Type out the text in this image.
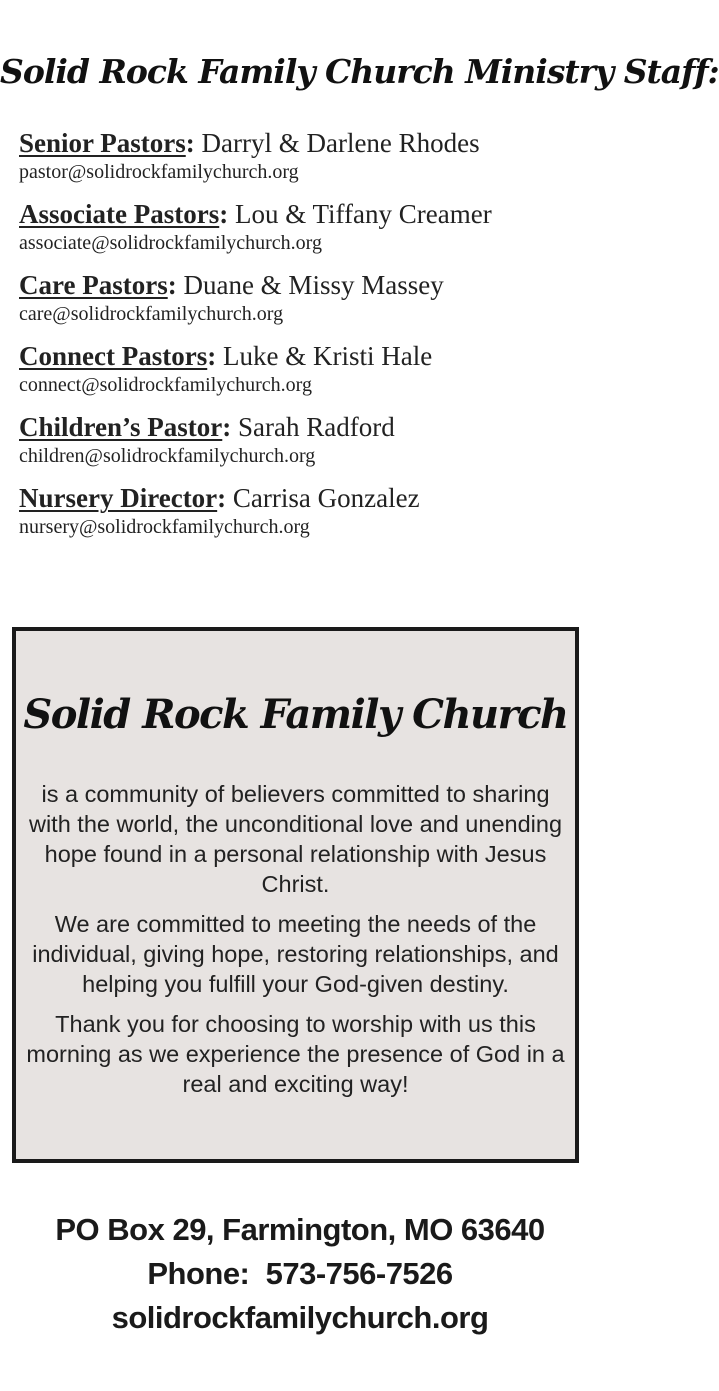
Solid Rock Family Church Ministry Staff:
Senior Pastors: Darryl & Darlene Rhodes
pastor@solidrockfamilychurch.org
Associate Pastors: Lou & Tiffany Creamer
associate@solidrockfamilychurch.org
Care Pastors: Duane & Missy Massey
care@solidrockfamilychurch.org
Connect Pastors: Luke & Kristi Hale
connect@solidrockfamilychurch.org
Children’s Pastor: Sarah Radford
children@solidrockfamilychurch.org
Nursery Director: Carrisa Gonzalez
nursery@solidrockfamilychurch.org
Solid Rock Family Church

is a community of believers committed to sharing with the world, the unconditional love and unending hope found in a personal relationship with Jesus Christ.

We are committed to meeting the needs of the individual, giving hope, restoring relationships, and helping you fulfill your God-given destiny.

Thank you for choosing to worship with us this morning as we experience the presence of God in a real and exciting way!

PO Box 29, Farmington, MO 63640
Phone:  573-756-7526
solidrockfamilychurch.org
